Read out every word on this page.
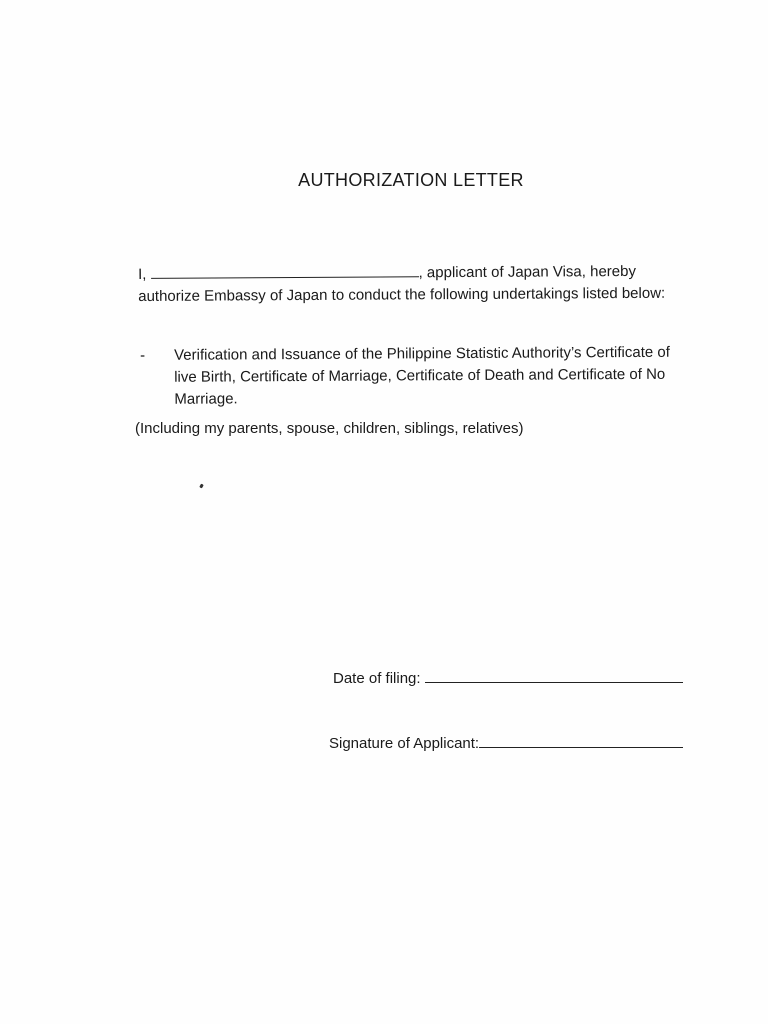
AUTHORIZATION LETTER
I,	, applicant of Japan Visa, hereby
authorize Embassy of Japan to conduct the following undertakings listed below:
-	Verification and Issuance of the Philippine Statistic Authority’s Certificate of
live Birth, Certificate of Marriage, Certificate of Death and Certificate of No
Marriage.
(Including my parents, spouse, children, siblings, relatives)
Date of filing:
Signature of Applicant:
